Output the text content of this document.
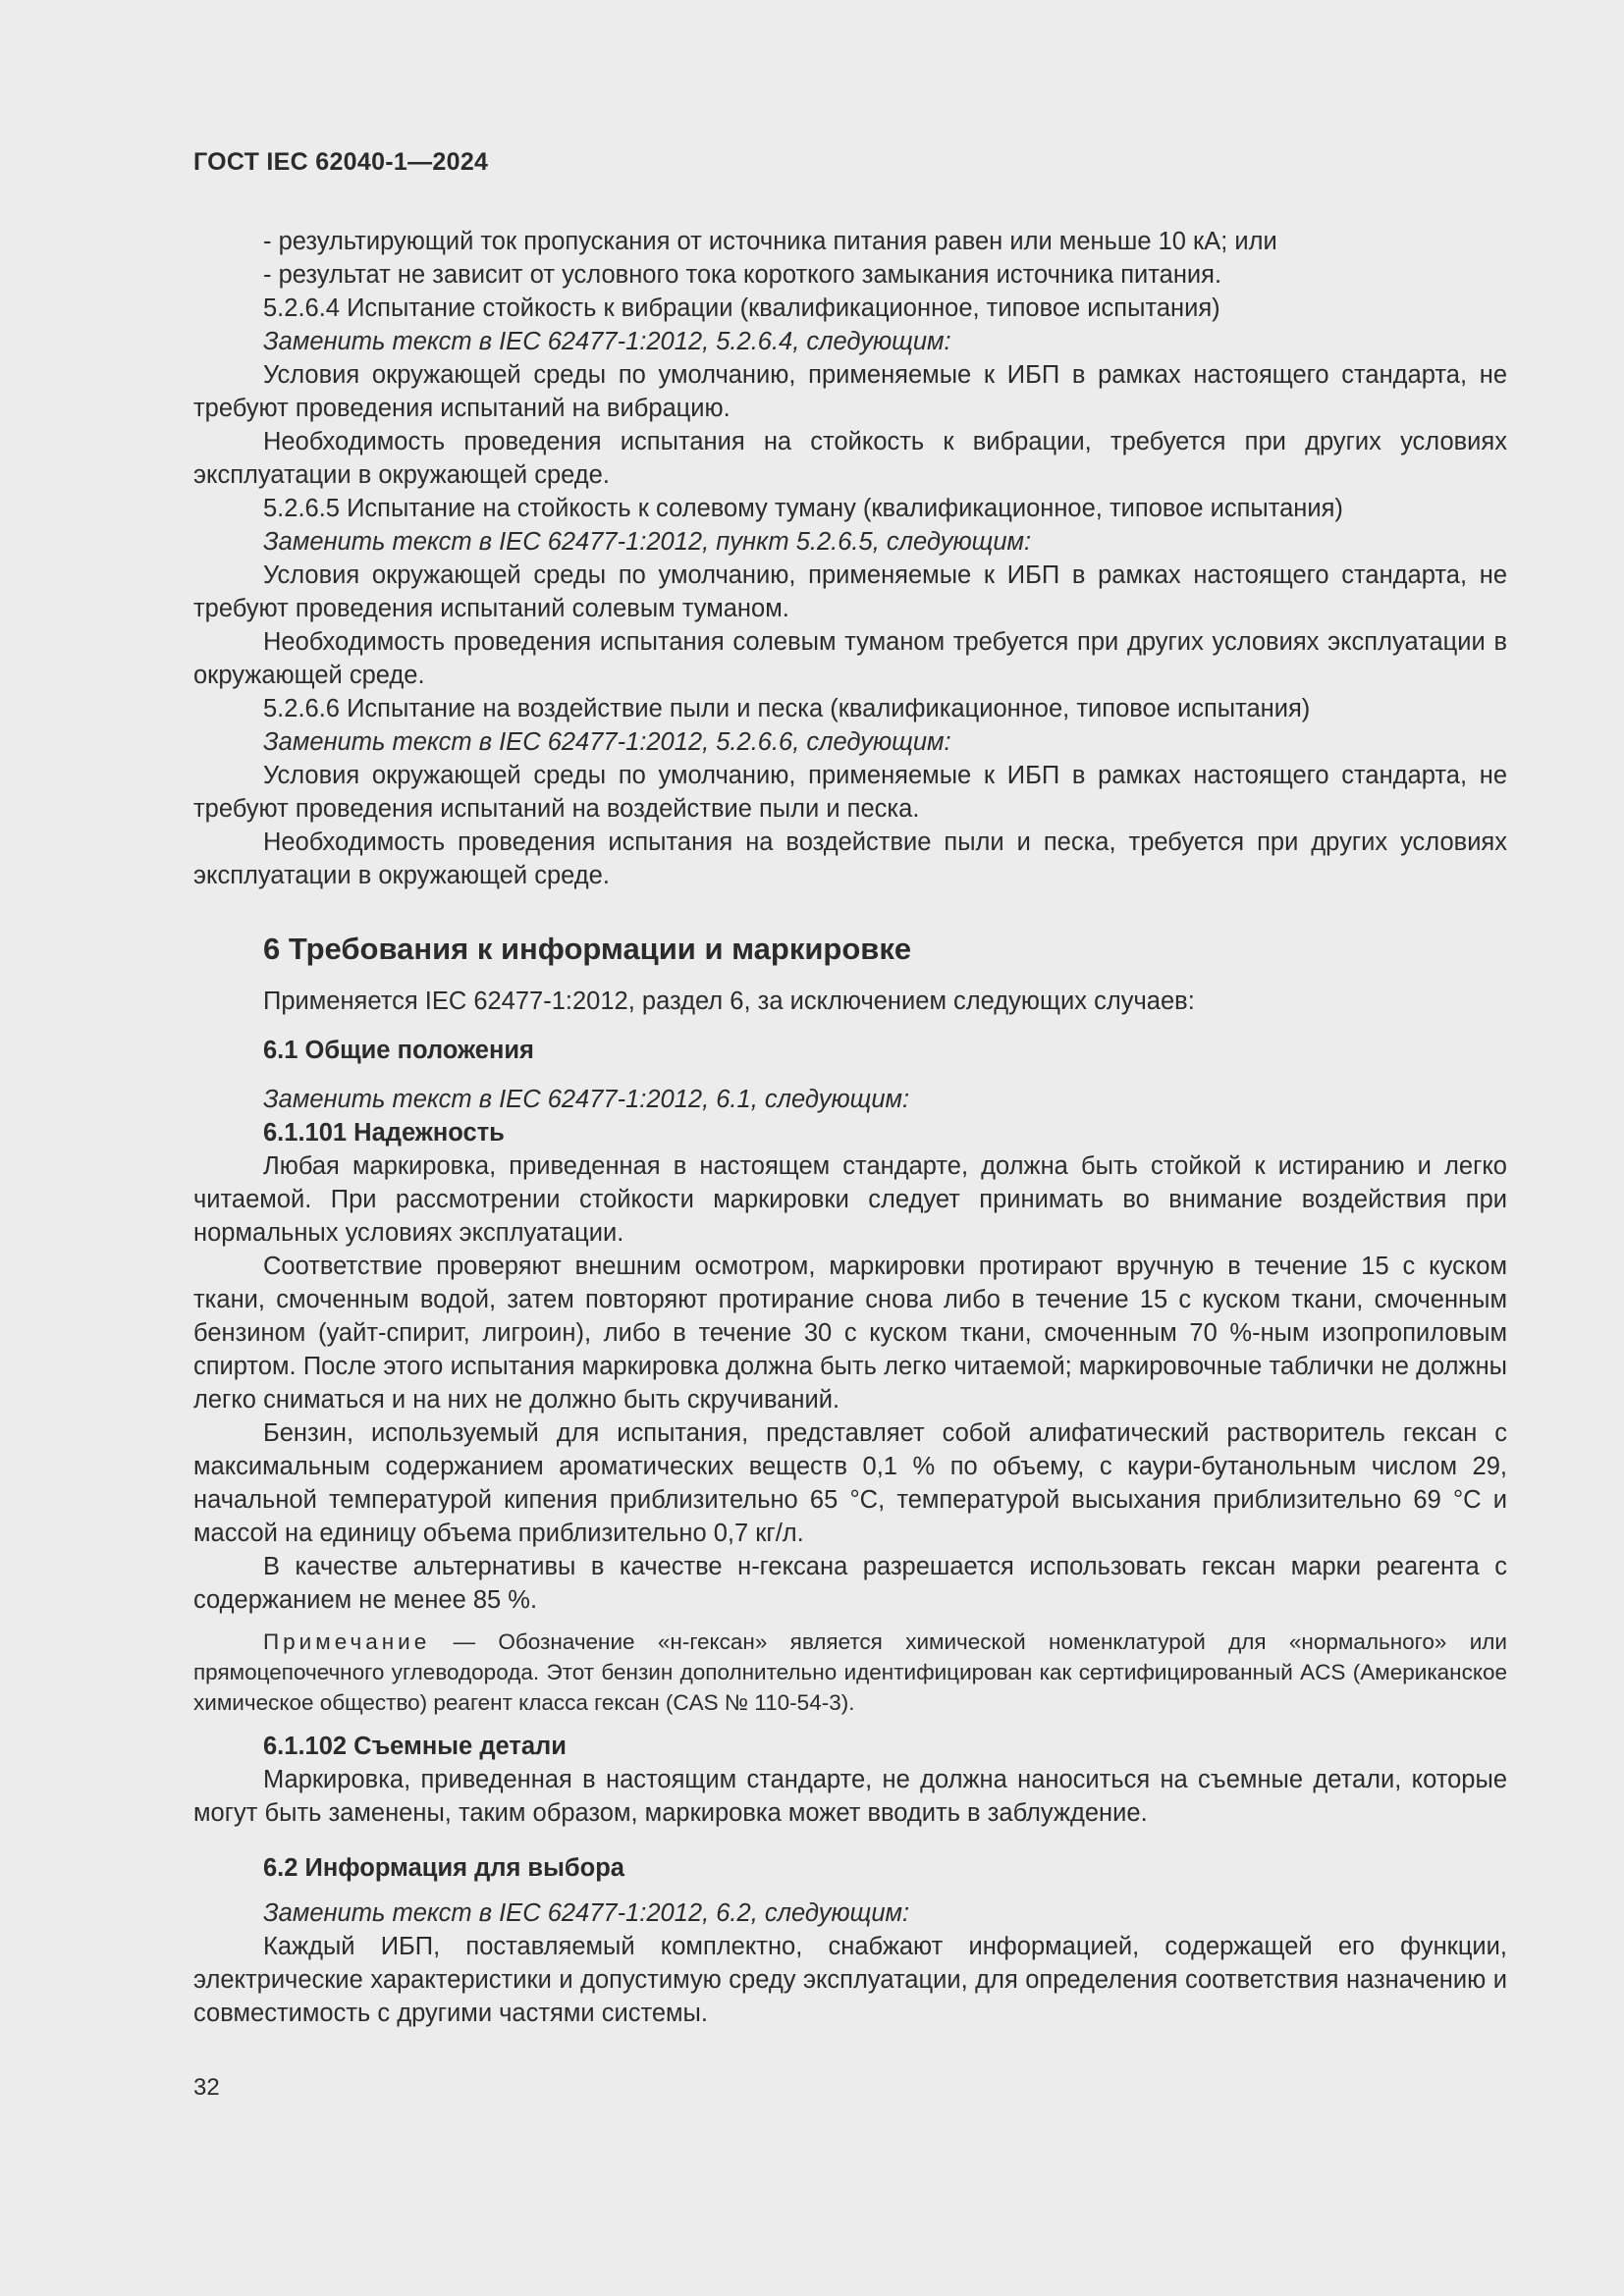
ГОСТ IEC 62040-1—2024

- результирующий ток пропускания от источника питания равен или меньше 10 кА; или

- результат не зависит от условного тока короткого замыкания источника питания.

5.2.6.4 Испытание стойкость к вибрации (квалификационное, типовое испытания)

Заменить текст в IEC 62477-1:2012, 5.2.6.4, следующим:

Условия окружающей среды по умолчанию, применяемые к ИБП в рамках настоящего стандарта, не требуют проведения испытаний на вибрацию.

Необходимость проведения испытания на стойкость к вибрации, требуется при других условиях эксплуатации в окружающей среде.

5.2.6.5 Испытание на стойкость к солевому туману (квалификационное, типовое испытания)

Заменить текст в IEC 62477-1:2012, пункт 5.2.6.5, следующим:

Условия окружающей среды по умолчанию, применяемые к ИБП в рамках настоящего стандарта, не требуют проведения испытаний солевым туманом.

Необходимость проведения испытания солевым туманом требуется при других условиях эксплуатации в окружающей среде.

5.2.6.6 Испытание на воздействие пыли и песка (квалификационное, типовое испытания)

Заменить текст в IEC 62477-1:2012, 5.2.6.6, следующим:

Условия окружающей среды по умолчанию, применяемые к ИБП в рамках настоящего стандарта, не требуют проведения испытаний на воздействие пыли и песка.

Необходимость проведения испытания на воздействие пыли и песка, требуется при других условиях эксплуатации в окружающей среде.

6 Требования к информации и маркировке

Применяется IEC 62477-1:2012, раздел 6, за исключением следующих случаев:

6.1 Общие положения

Заменить текст в IEC 62477-1:2012, 6.1, следующим:

6.1.101 Надежность

Любая маркировка, приведенная в настоящем стандарте, должна быть стойкой к истиранию и легко читаемой. При рассмотрении стойкости маркировки следует принимать во внимание воздействия при нормальных условиях эксплуатации.

Соответствие проверяют внешним осмотром, маркировки протирают вручную в течение 15 с куском ткани, смоченным водой, затем повторяют протирание снова либо в течение 15 с куском ткани, смоченным бензином (уайт-спирит, лигроин), либо в течение 30 с куском ткани, смоченным 70 %-ным изопропиловым спиртом. После этого испытания маркировка должна быть легко читаемой; маркировочные таблички не должны легко сниматься и на них не должно быть скручиваний.

Бензин, используемый для испытания, представляет собой алифатический растворитель гексан с максимальным содержанием ароматических веществ 0,1 % по объему, с каури-бутанольным числом 29, начальной температурой кипения приблизительно 65 °С, температурой высыхания приблизительно 69 °С и массой на единицу объема приблизительно 0,7 кг/л.

В качестве альтернативы в качестве н-гексана разрешается использовать гексан марки реагента с содержанием не менее 85 %.

Примечание — Обозначение «н-гексан» является химической номенклатурой для «нормального» или прямоцепочечного углеводорода. Этот бензин дополнительно идентифицирован как сертифицированный ACS (Американское химическое общество) реагент класса гексан (CAS № 110-54-3).

6.1.102 Съемные детали

Маркировка, приведенная в настоящим стандарте, не должна наноситься на съемные детали, которые могут быть заменены, таким образом, маркировка может вводить в заблуждение.

6.2 Информация для выбора

Заменить текст в IEC 62477-1:2012, 6.2, следующим:

Каждый ИБП, поставляемый комплектно, снабжают информацией, содержащей его функции, электрические характеристики и допустимую среду эксплуатации, для определения соответствия назначению и совместимость с другими частями системы.

32
